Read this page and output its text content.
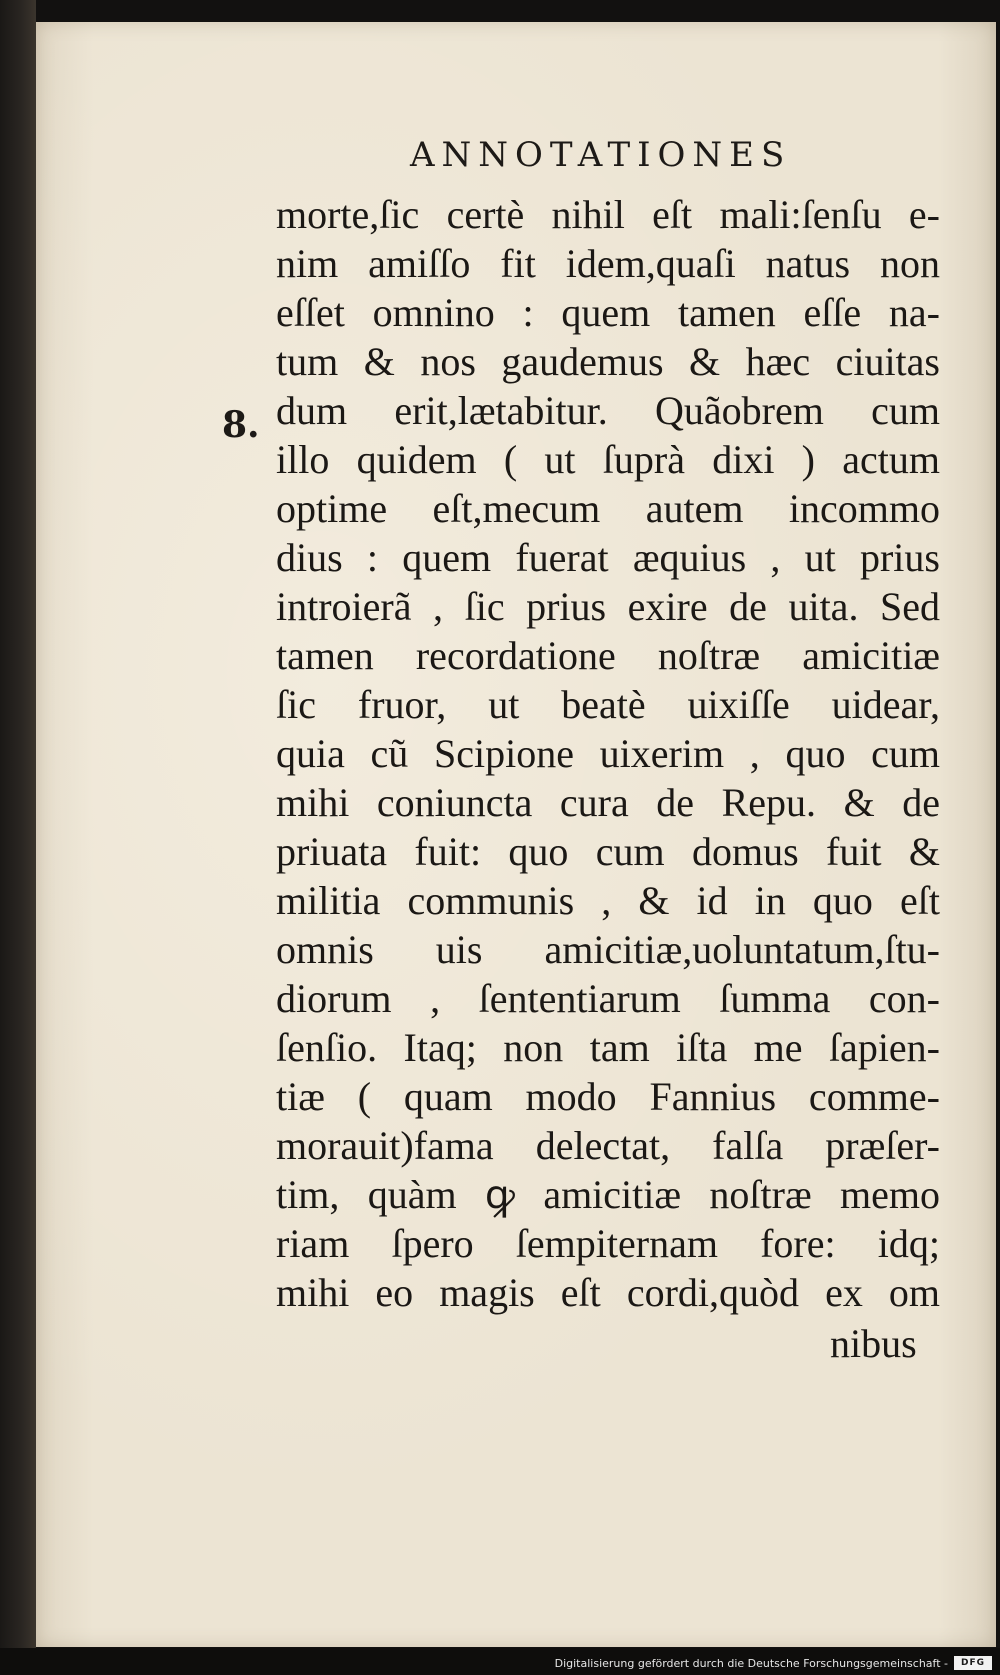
ANNOTATIONES
8.
morte,ſic certè nihil eſt mali:ſenſu e-
nim amiſſo fit idem,quaſi natus non
eſſet omnino : quem tamen eſſe na-
tum & nos gaudemus & hæc ciuitas
dum erit,lætabitur. Quãobrem cum
illo quidem ( ut ſuprà dixi ) actum
optime eſt,mecum autem incommo
dius : quem fuerat æquius , ut prius
introierã , ſic prius exire de uita. Sed
tamen recordatione noſtræ amicitiæ
ſic fruor, ut beatè uixiſſe uidear,
quia cũ Scipione uixerim , quo cum
mihi coniuncta cura de Repu. & de
priuata fuit: quo cum domus fuit &
militia communis , & id in quo eſt
omnis uis amicitiæ,uoluntatum,ſtu-
diorum , ſententiarum ſumma con-
ſenſio. Itaq; non tam iſta me ſapien-
tiæ ( quam modo Fannius comme-
morauit)fama delectat, falſa præſer-
tim, quàm ꝙ amicitiæ noſtræ memo
riam ſpero ſempiternam fore: idq;
mihi eo magis eſt cordi,quòd ex om
nibus
Digitalisierung gefördert durch die Deutsche Forschungsgemeinschaft -	DFG
